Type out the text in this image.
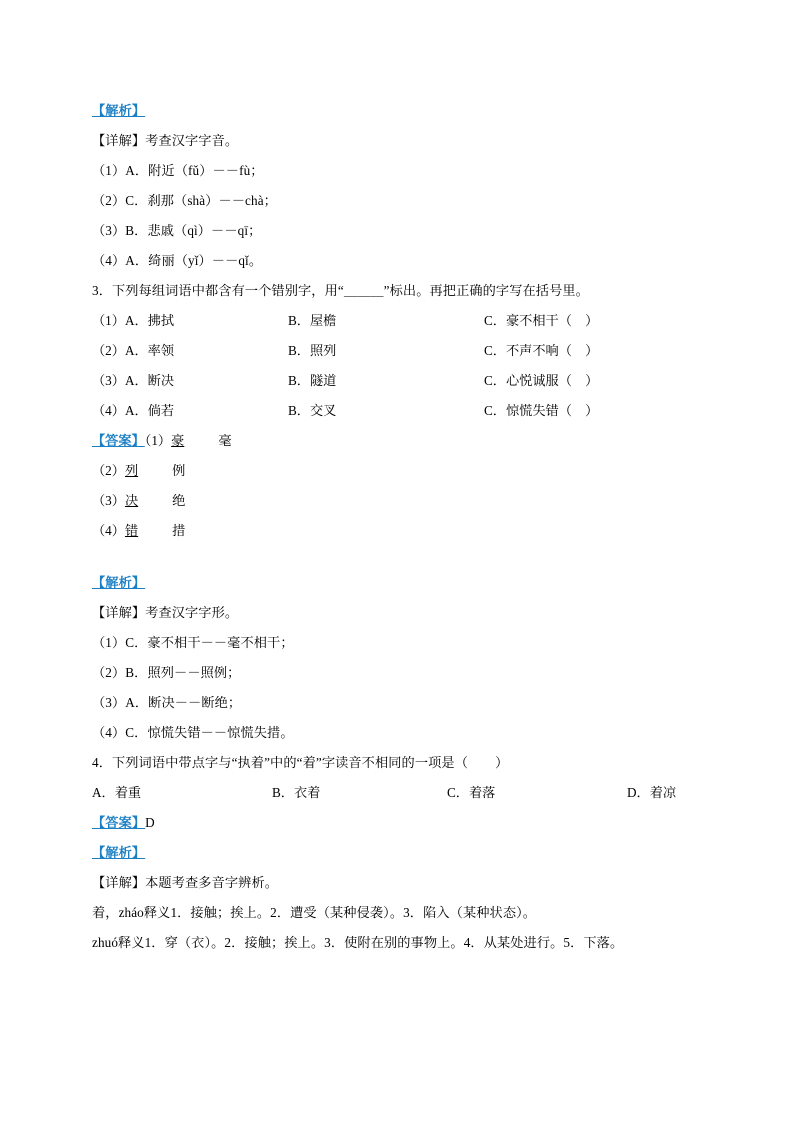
【解析】
【详解】考查汉字字音。
（1）A．附近（fǔ）－－fù；
（2）C．刹那（shà）－－chà；
（3）B．悲戚（qì）－－qī；
（4）A．绮丽（yǐ）－－qǐ。
3．下列每组词语中都含有一个错别字，用“＿＿＿”标出。再把正确的字写在括号里。
（1）A．拂拭	B．屋檐	C．豪不相干（    ）
（2）A．率领	B．照列	C．不声不响（    ）
（3）A．断决	B．隧道	C．心悦诚服（    ）
（4）A．倘若	B．交叉	C．惊慌失错（    ）
【答案】（1）豪	毫
（2）列	例
（3）决	绝
（4）错	措
【解析】
【详解】考查汉字字形。
（1）C．豪不相干－－毫不相干；
（2）B．照列－－照例；
（3）A．断决－－断绝；
（4）C．惊慌失错－－惊慌失措。
4．下列词语中带点字与“执着”中的“着”字读音不相同的一项是（        ）
A．着重	B．衣着	C．着落	D．着凉
【答案】D
【解析】
【详解】本题考查多音字辨析。
着，zháo释义1．接触；挨上。2．遭受（某种侵袭）。3．陷入（某种状态）。
zhuó释义1．穿（衣）。2．接触；挨上。3．使附在别的事物上。4．从某处进行。5．下落。
